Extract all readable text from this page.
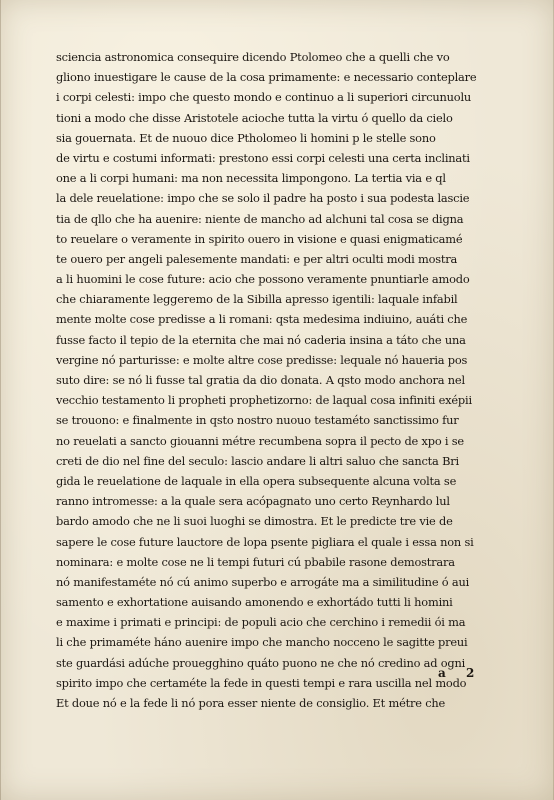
sciencia astronomica consequire dicendo Ptolomeo che a quelli che vo
gliono inuestigare le cause de la cosa primamente: e necessario conteplare
i corpi celesti: impo che questo mondo e continuo a li superiori circunuolu
tioni a modo che disse Aristotele acioche tutta la virtu ó quello da cielo
sia gouernata. Et de nuouo dice Ptholomeo li homini p le stelle sono
de virtu e costumi informati: prestono essi corpi celesti una certa inclinati
one a li corpi humani: ma non necessita limpongono. La tertia via e ql
la dele reuelatione: impo che se solo il padre ha posto i sua podesta lascie
tia de qllo che ha auenire: niente de mancho ad alchuni tal cosa se digna
to reuelare o veramente in spirito ouero in visione e quasi enigmaticamé
te ouero per angeli palesemente mandati: e per altri oculti modi mostra
a li huomini le cose future: acio che possono veramente pnuntiarle amodo
che chiaramente leggeremo de la Sibilla apresso igentili: laquale infabil
mente molte cose predisse a li romani: qsta medesima indiuino, auáti che
fusse facto il tepio de la eternita che mai nó caderia insina a táto che una
vergine nó parturisse: e molte altre cose predisse: lequale nó haueria pos
suto dire: se nó li fusse tal gratia da dio donata. A qsto modo anchora nel
vecchio testamento li propheti prophetizorno: de laqual cosa infiniti exépii
se trouono: e finalmente in qsto nostro nuouo testaméto sanctissimo fur
no reuelati a sancto giouanni métre recumbena sopra il pecto de xpo i se
creti de dio nel fine del seculo: lascio andare li altri saluo che sancta Bri
gida le reuelatione de laquale in ella opera subsequente alcuna volta se
ranno intromesse: a la quale sera acópagnato uno certo Reynhardo lul
bardo amodo che ne li suoi luoghi se dimostra. Et le predicte tre vie de
sapere le cose future lauctore de lopa psente pigliara el quale i essa non si
nominara: e molte cose ne li tempi futuri cú pbabile rasone demostrara
nó manifestaméte nó cú animo superbo e arrogáte ma a similitudine ó aui
samento e exhortatione auisando amonendo e exhortádo tutti li homini
e maxime i primati e principi: de populi acio che cerchino i remedii ói ma
li che primaméte háno auenire impo che mancho nocceno le sagitte preui
ste guardási adúche prouegghino quáto puono ne che nó credino ad ogni
spirito impo che certaméte la fede in questi tempi e rara uscilla nel modo
Et doue nó e la fede li nó pora esser niente de consiglio. Et métre che
a 2
